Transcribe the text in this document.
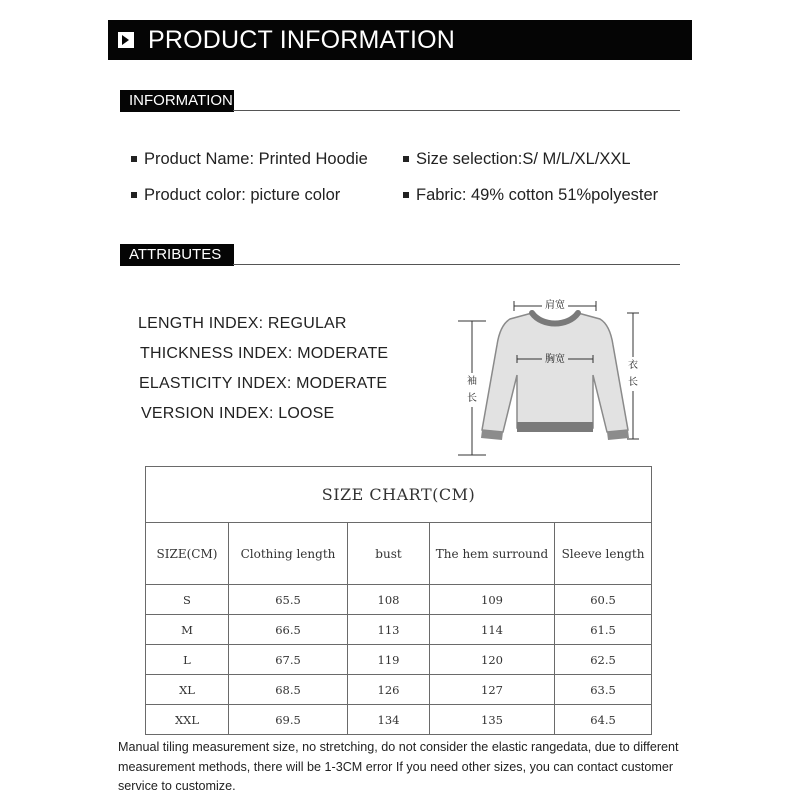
PRODUCT INFORMATION
INFORMATION
Product Name: Printed Hoodie	Size selection:S/ M/L/XL/XXL
Product color: picture color	Fabric: 49% cotton 51%polyester
ATTRIBUTES
LENGTH INDEX: REGULAR
THICKNESS INDEX: MODERATE
ELASTICITY INDEX: MODERATE
VERSION INDEX: LOOSE
肩宽
胸宽
袖
长
衣
长
SIZE CHART(CM)				
SIZE(CM)	Clothing length	bust	The hem surround	Sleeve length
S	65.5	108	109	60.5
M	66.5	113	114	61.5
L	67.5	119	120	62.5
XL	68.5	126	127	63.5
XXL	69.5	134	135	64.5
Manual tiling measurement size, no stretching, do not consider the elastic rangedata, due to different measurement methods, there will be 1-3CM error If you need other sizes, you can contact customer service to customize.
